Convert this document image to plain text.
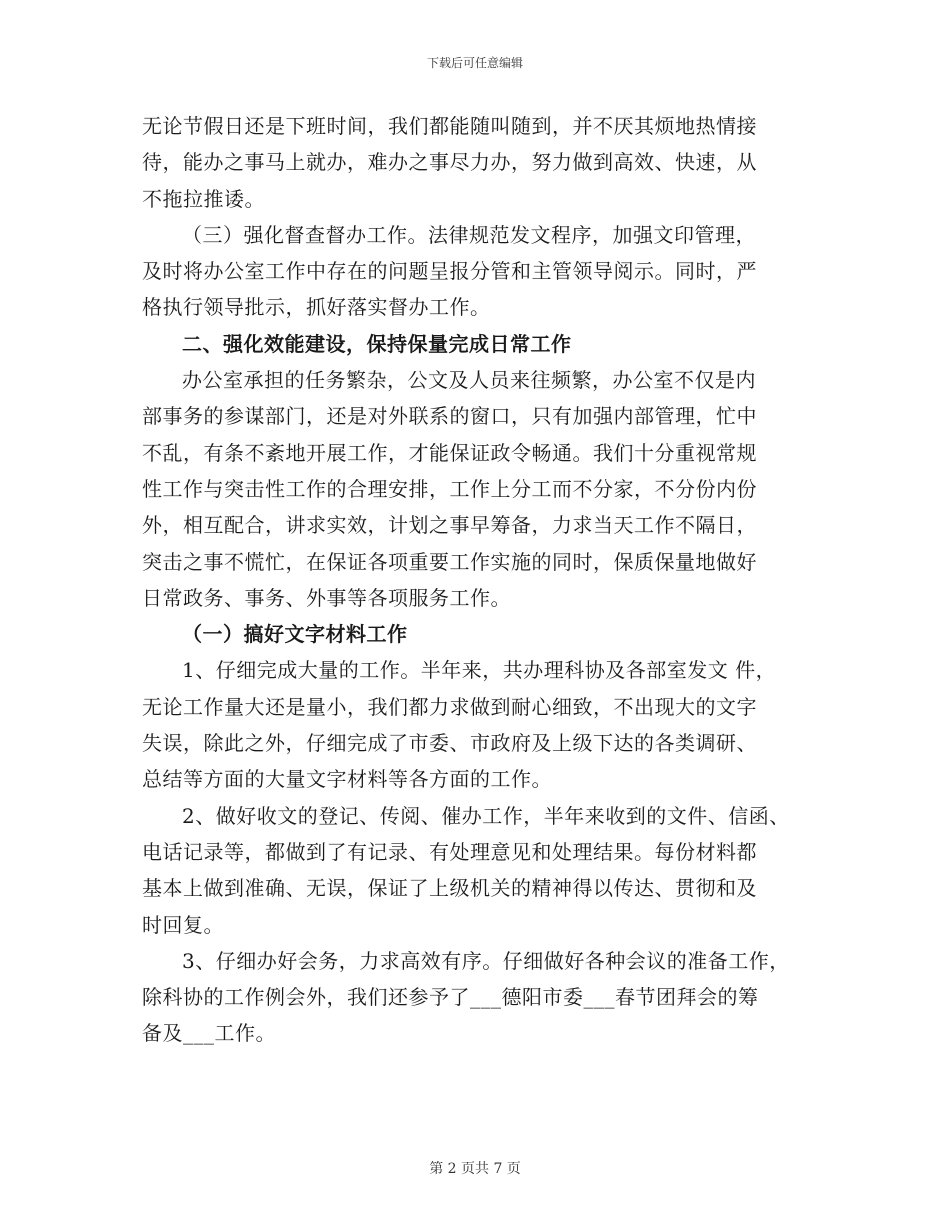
下载后可任意编辑
无论节假日还是下班时间，我们都能随叫随到，并不厌其烦地热情接
待，能办之事马上就办，难办之事尽力办，努力做到高效、快速，从
不拖拉推诿。
（三）强化督查督办工作。法律规范发文程序，加强文印管理，
及时将办公室工作中存在的问题呈报分管和主管领导阅示。同时，严
格执行领导批示，抓好落实督办工作。
二、强化效能建设，保持保量完成日常工作
办公室承担的任务繁杂，公文及人员来往频繁，办公室不仅是内
部事务的参谋部门，还是对外联系的窗口，只有加强内部管理，忙中
不乱，有条不紊地开展工作，才能保证政令畅通。我们十分重视常规
性工作与突击性工作的合理安排，工作上分工而不分家，不分份内份
外，相互配合，讲求实效，计划之事早筹备，力求当天工作不隔日，
突击之事不慌忙，在保证各项重要工作实施的同时，保质保量地做好
日常政务、事务、外事等各项服务工作。
（一）搞好文字材料工作
1、仔细完成大量的工作。半年来，共办理科协及各部室发文 件，
无论工作量大还是量小，我们都力求做到耐心细致，不出现大的文字
失误，除此之外，仔细完成了市委、市政府及上级下达的各类调研、
总结等方面的大量文字材料等各方面的工作。
2、做好收文的登记、传阅、催办工作，半年来收到的文件、信函、
电话记录等，都做到了有记录、有处理意见和处理结果。每份材料都
基本上做到准确、无误，保证了上级机关的精神得以传达、贯彻和及
时回复。
3、仔细办好会务，力求高效有序。仔细做好各种会议的准备工作，
除科协的工作例会外，我们还参予了___德阳市委___春节团拜会的筹
备及___工作。
第 2 页共 7 页
